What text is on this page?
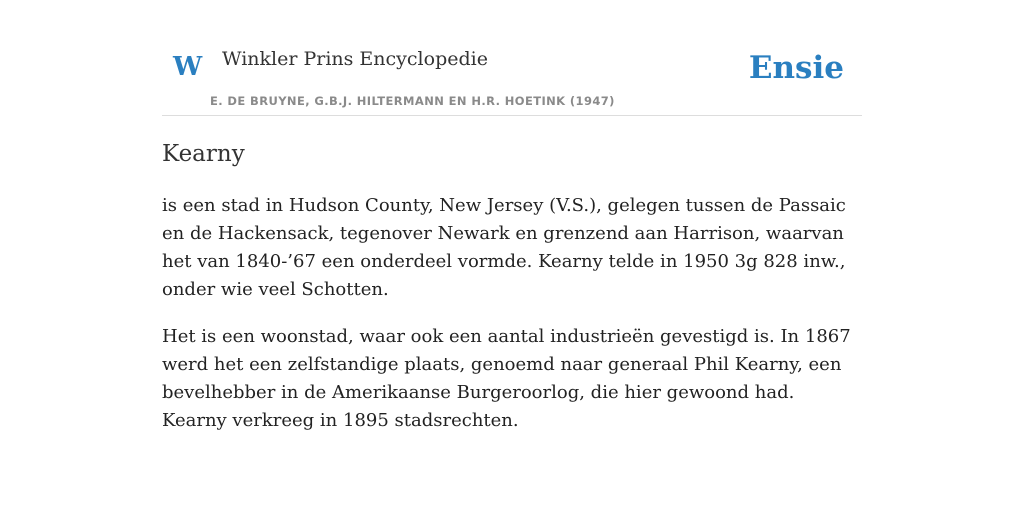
W Winkler Prins Encyclopedie
E. DE BRUYNE, G.B.J. HILTERMANN EN H.R. HOETINK (1947)
Ensie
Kearny

is een stad in Hudson County, New Jersey (V.S.), gelegen tussen de Passaic en de Hackensack, tegenover Newark en grenzend aan Harrison, waarvan het van 1840-’67 een onderdeel vormde. Kearny telde in 1950 3g 828 inw., onder wie veel Schotten.

Het is een woonstad, waar ook een aantal industrieën gevestigd is. In 1867 werd het een zelfstandige plaats, genoemd naar generaal Phil Kearny, een bevelhebber in de Amerikaanse Burgeroorlog, die hier gewoond had. Kearny verkreeg in 1895 stadsrechten.
